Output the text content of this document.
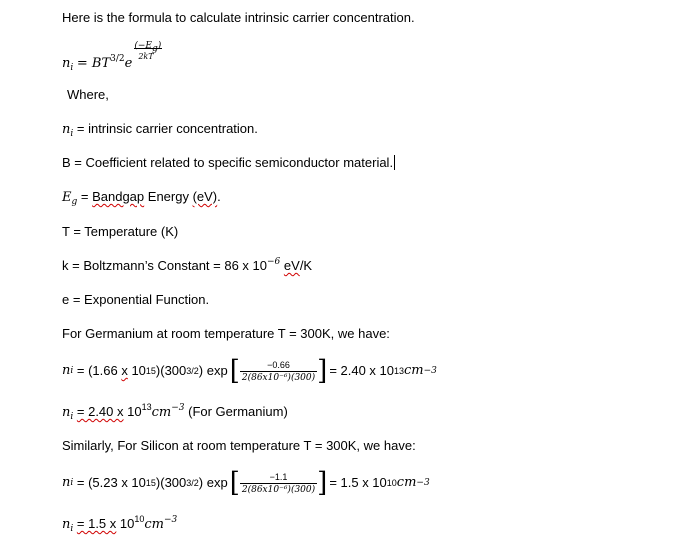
Here is the formula to calculate intrinsic carrier concentration.
$n_i = BT^{3/2}e$
$(-E_g)$
2kT
Where,
$n_i$ = intrinsic carrier concentration.
B = Coefficient related to specific semiconductor material.
$E_g$ = Bandgap Energy (eV).
T = Temperature (K)
k = Boltzmann’s Constant = 86 x $10^{-6}$ eV/K
e = Exponential Function.
For Germanium at room temperature T = 300K, we have:
n i = (1.66 x 10 15 )(300 3/2 ) exp [ $\frac{-0.66}{\text{2(86x10⁻⁶)(300)}}$ ] = 2.40 x 10 13 cm −3
$n_i = 2.40$ x $10^{13}cm^{-3}$ (For Germanium)
Similarly, For Silicon at room temperature T = 300K, we have:
n i = (5.23 x 10 15 )(300 3/2 ) exp [ $\frac{-1.1}{\text{2(86x10⁻⁶)(300)}}$ ] = 1.5 x 10 10 cm −3
$n_i = 1.5$ x $10^{10}cm^{-3}$
